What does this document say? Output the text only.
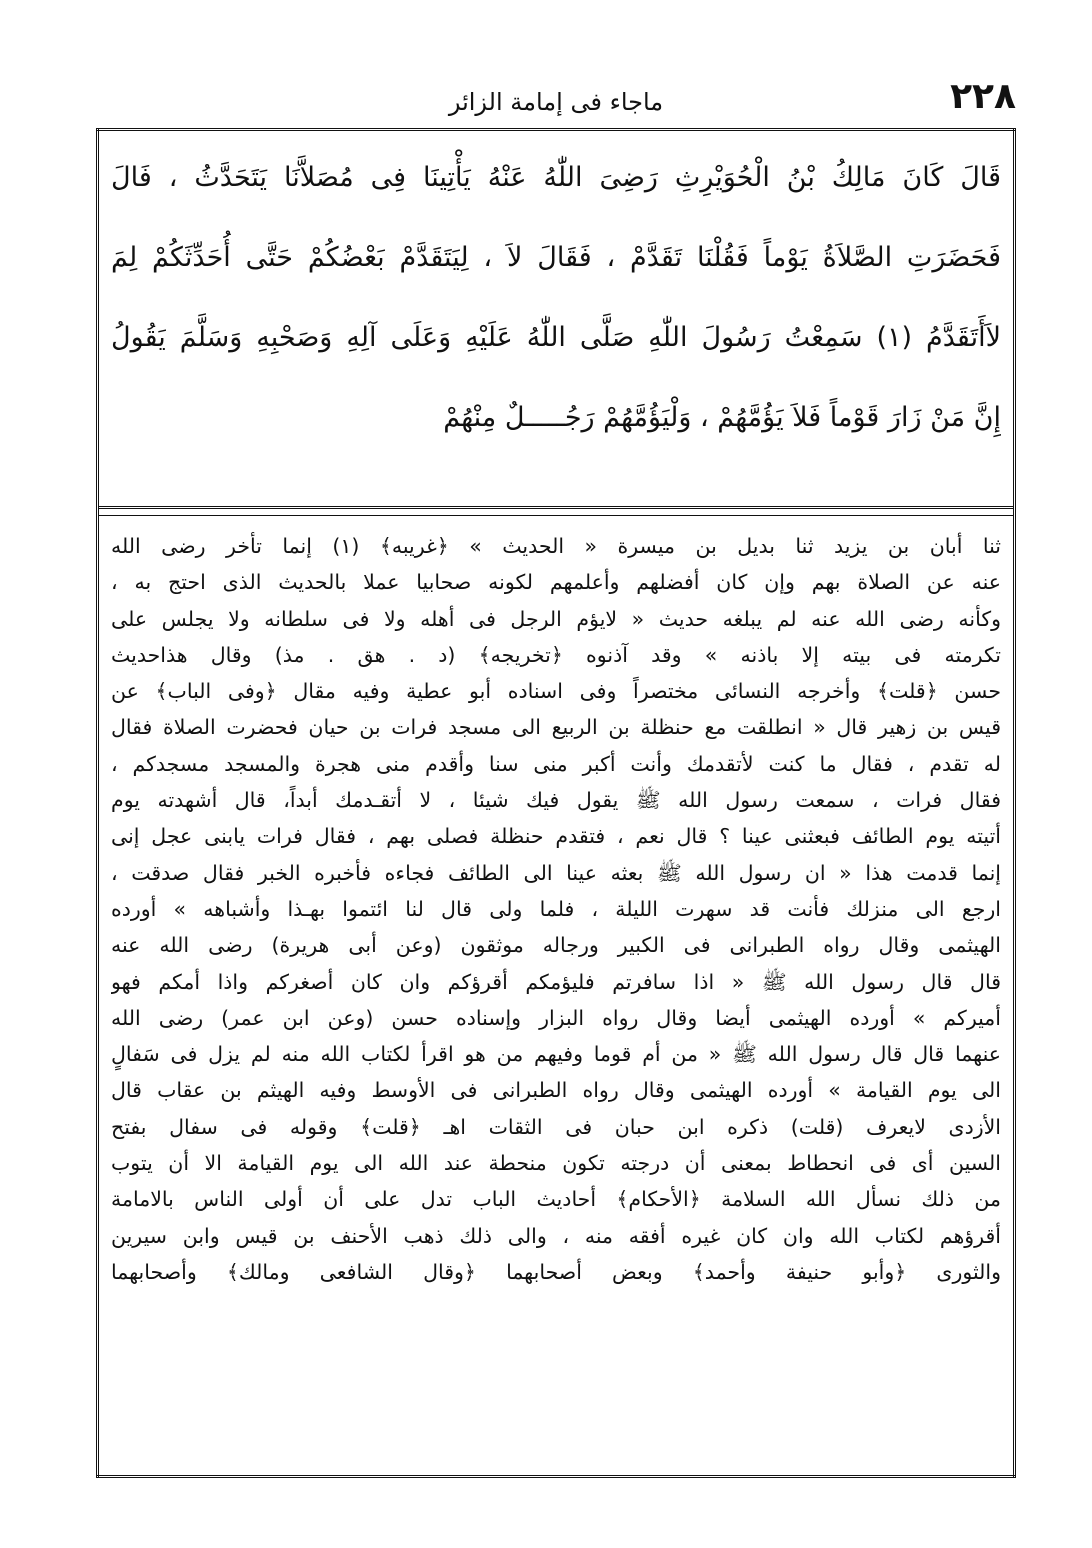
٢٢٨
ماجاء فى إمامة الزائر
قَالَ كَانَ مَالِكُ بْنُ الْحُوَيْرِثِ رَضِىَ اللّٰهُ عَنْهُ يَأْتِينَا فِى مُصَلاَّنَا يَتَحَدَّثُ ، فَالَ
فَحَضَرَتِ الصَّلاَةُ يَوْماً فَقُلْنَا تَقَدَّمْ ، فَقَالَ لاَ ، لِيَتَقَدَّمْ بَعْضُكُمْ حَتَّى أُحَدِّثَكُمْ لِمَ
لاَأَتَقَدَّمُ (١) سَمِعْتُ رَسُولَ اللّٰهِ صَلَّى اللّٰهُ عَلَيْهِ وَعَلَى آلِهِ وَصَحْبِهِ وَسَلَّمَ يَقُولُ
إِنَّ مَنْ زَارَ قَوْماً فَلاَ يَؤُمَّهُمْ ، وَلْيَؤُمَّهُمْ رَجُـــــلٌ مِنْهُمْ
ثنا أبان بن يزيد ثنا بديل بن ميسرة « الحديث » ﴿غريبه﴾ (١) إنما تأخر رضى الله
عنه عن الصلاة بهم وإن كان أفضلهم وأعلمهم لكونه صحابيا عملا بالحديث الذى احتج به ،
وكأنه رضى الله عنه لم يبلغه حديث « لايؤم الرجل فى أهله ولا فى سلطانه ولا يجلس على
تكرمته فى بيته إلا باذنه » وقد آذنوه ﴿تخريجه﴾ (د . هق . مذ) وقال هذاحديث
حسن ﴿قلت﴾ وأخرجه النسائى مختصراً وفى اسناده أبو عطية وفيه مقال ﴿وفى الباب﴾ عن
قيس بن زهير قال « انطلقت مع حنظلة بن الربيع الى مسجد فرات بن حيان فحضرت الصلاة فقال
له تقدم ، فقال ما كنت لأتقدمك وأنت أكبر منى سنا وأقدم منى هجرة والمسجد مسجدكم ،
فقال فرات ، سمعت رسول الله ﷺ يقول فيك شيئا ، لا أتقـدمك أبداً، قال أشهدته يوم
أتيته يوم الطائف فبعثنى عينا ؟ قال نعم ، فتقدم حنظلة فصلى بهم ، فقال فرات يابنى عجل إنى
إنما قدمت هذا « ان رسول الله ﷺ بعثه عينا الى الطائف فجاءه فأخبره الخبر فقال صدقت ،
ارجع الى منزلك فأنت قد سهرت الليلة ، فلما ولى قال لنا ائتموا بهـذا وأشباهه » أورده
الهيثمى وقال رواه الطبرانى فى الكبير ورجاله موثقون (وعن أبى هريرة) رضى الله عنه
قال قال رسول الله ﷺ « اذا سافرتم فليؤمكم أقرؤكم وان كان أصغركم واذا أمكم فهو
أميركم » أورده الهيثمى أيضا وقال رواه البزار وإسناده حسن (وعن ابن عمر) رضى الله
عنهما قال قال رسول الله ﷺ « من أم قوما وفيهم من هو اقرأ لكتاب الله منه لم يزل فى سَفالٍ
الى يوم القيامة » أورده الهيثمى وقال رواه الطبرانى فى الأوسط وفيه الهيثم بن عقاب قال
الأزدى لايعرف (قلت) ذكره ابن حبان فى الثقات اهـ ﴿قلت﴾ وقوله فى سفال بفتح
السين أى فى انحطاط بمعنى أن درجته تكون منحطة عند الله الى يوم القيامة الا أن يتوب
من ذلك نسأل الله السلامة ﴿الأحكام﴾ أحاديث الباب تدل على أن أولى الناس بالامامة
أقرؤهم لكتاب الله وان كان غيره أفقه منه ، والى ذلك ذهب الأحنف بن قيس وابن سيرين
والثورى ﴿وأبو حنيفة وأحمد﴾ وبعض أصحابهما ﴿وقال الشافعى ومالك﴾ وأصحابهما
